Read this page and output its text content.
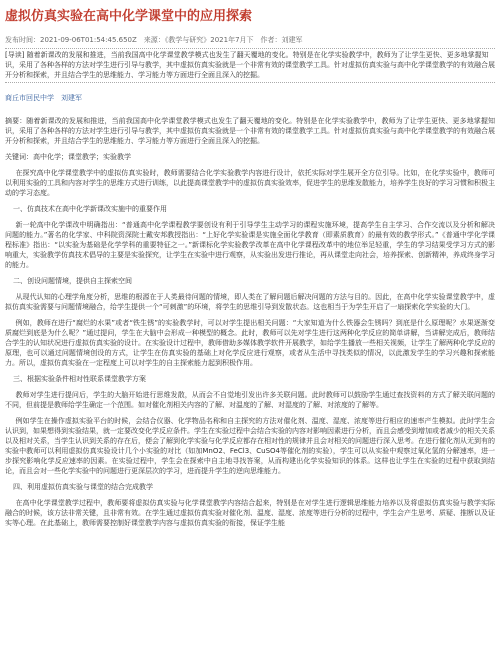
虚拟仿真实验在高中化学课堂中的应用探索
发布时间：2021-09-06T01:54:45.650Z　来源：《教学与研究》2021年7月下　作者：刘建军
[导读] 随着新课改的发展和推进，当前我国高中化学课堂教学模式也发生了翻天覆地的变化。特别是在化学实验教学中，教师为了让学生更快、更多地掌握知识，采用了各种各样的方法对学生进行引导与教学，其中虚拟仿真实验就是一个非常有效的课堂教学工具。针对虚拟仿真实验与高中化学课堂教学的有效融合展开分析和探索，并且结合学生的思维能力、学习能力等方面进行全面且深入的挖掘。
商丘市回民中学　刘建军
摘要：随着新课改的发展和推进，当前我国高中化学课堂教学模式也发生了翻天覆地的变化。特别是在化学实验教学中，教师为了让学生更快、更多地掌握知识，采用了各种各样的方法对学生进行引导与教学，其中虚拟仿真实验就是一个非常有效的课堂教学工具。针对虚拟仿真实验与高中化学课堂教学的有效融合展开分析和探索，并且结合学生的思维能力、学习能力等方面进行全面且深入的挖掘。
关键词：高中化学；课堂教学；实验教学
在探究高中化学课堂教学中的虚拟仿真实验时，教师需要结合化学实验教学内容进行设计，依托实际对学生展开全方位引导。比如，在化学实验中，教师可以利用实验的工具和内容对学生的思维方式进行训练，以此提高课堂教学中的虚拟仿真实验效率，促进学生的思维发散能力，培养学生良好的学习习惯和积极主动的学习态度。
一、仿真技术在高中化学新课改实施中的重要作用
新一轮高中化学课改中明确指出：“普通高中化学课程教学要创设有利于引导学生主动学习的课程实施环境，提高学生自主学习、合作交流以及分析和解决问题的能力。”著名的化学家、中科院资深院士戴安邦教授指出：“上好化学实验课是实施全面化学教育（即素质教育）的最有效的教学形式。”《普通中学化学课程标准》指出：“以实验为基础是化学学科的重要特征之一。”新课标化学实验教学改革在高中化学课程改革中的地位举足轻重，学生的学习结果受学习方式的影响重大，实验教学仿真技术倡导的主要是实验探究，让学生在实验中进行观察，从实验出发进行推论，再从课堂走向社会，培养探索、创新精神，养成终身学习的能力。
二、创设问题情境，提供自主探索空间
从现代认知的心理学角度分析，思维的根源在于人类最待问题的情境，即人类在了解问题后解决问题的方法与目的。因此，在高中化学实验课堂教学中，虚拟仿真实验需要与问题情境融合，给学生提供一个“可刺激”的环境，将学生的思维引导到发散状态。这也相当于为学生开启了一扇探索化学实验的大门。
例如，教师在进行“腐烂的水果”或者“铁生锈”的实验教学时，可以对学生提出相关问题：“大家知道为什么铁器会生锈吗？到底是什么原理呢？水果逐渐变质腐烂到底是为什么呢？”通过提问，学生在大脑中会形成一种模型的概念。此时，教师可以先对学生进行这两种化学反应的简单讲解，当讲解完成后，教师结合学生的认知状况进行虚拟仿真实验的设计。在实验设计过程中，教师借助多媒体教学软件开展教学，如给学生播放一些相关视频，让学生了解两种化学反应的原理，也可以通过问题情境创设的方式，让学生在仿真实验的基础上对化学反应进行观察，或者从生活中寻找类似的情况，以此激发学生的学习兴趣和探索能力。所以，虚拟仿真实验在一定程度上可以对学生的自主探索能力起到积极作用。
三、根据实验条件相对性联系课堂教学方案
教师对学生进行提问后，学生的大脑开始进行思维发散，从而会不自觉地引发出许多关联问题。此时教师可以鼓励学生通过查找资料的方式了解关联问题的不同，但前提是教师给学生确定一个范围。如对催化剂相关内容的了解、对温度的了解、对湿度的了解、对浓度的了解等。
例如学生在操作虚拟实验平台的时候，会结合仪器、化学物品名称和自主探究的方法对催化剂、温度、湿度、浓度等进行相应的速率产生模拟。此时学生会认识到，如果想得到实验结果，就一定要改变化学反应条件。学生在实验过程中会结合实验的内容对影响因素进行分析，而且会感受到增加或者减少的相关关系以及相对关系，当学生认识到关系的存在后，便会了解到化学实验与化学反应都存在相对性的规律并且会对相关的问题进行深入思考。在进行催化剂从无到有的实验中教师可以利用虚拟仿真实验设计几个小实验的对比（如加MnO2、FeCl3、CuSO4等催化剂的实验），学生可以从实验中观察过氧化氢的分解速率，进一步探究影响化学反应速率的因素。在实验过程中，学生会在探索中自主地寻找答案，从而构建出化学实验知识的体系。这样也让学生在实验的过程中获取到结论，而且会对一些化学实验中的问题进行更深层次的学习，进而提升学生的逆向思维能力。
四、利用虚拟仿真实验与课堂的结合完成教学
在高中化学课堂教学过程中，教师要将虚拟仿真实验与化学课堂教学内容结合起来，特别是在对学生进行逻辑思维能力培养以及将虚拟仿真实验与教学实际融合的时候，该方法非常关键，且非常有效。在学生通过虚拟仿真实验对催化剂、温度、湿度、浓度等进行分析的过程中，学生会产生思考、质疑、推断以及证实等心理。在此基础上，教师需要控制好课堂教学内容与虚拟仿真实验的衔接，保证学生能
